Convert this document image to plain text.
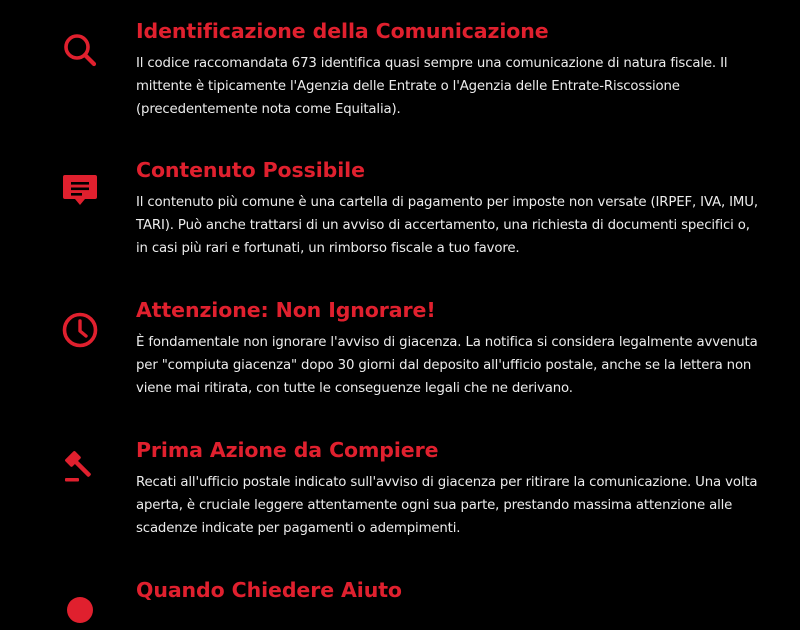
Identificazione della Comunicazione

Il codice raccomandata 673 identifica quasi sempre una comunicazione di natura fiscale. Il mittente è tipicamente l'Agenzia delle Entrate o l'Agenzia delle Entrate-Riscossione (precedentemente nota come Equitalia).

Contenuto Possibile

Il contenuto più comune è una cartella di pagamento per imposte non versate (IRPEF, IVA, IMU, TARI). Può anche trattarsi di un avviso di accertamento, una richiesta di documenti specifici o, in casi più rari e fortunati, un rimborso fiscale a tuo favore.

Attenzione: Non Ignorare!

È fondamentale non ignorare l'avviso di giacenza. La notifica si considera legalmente avvenuta per "compiuta giacenza" dopo 30 giorni dal deposito all'ufficio postale, anche se la lettera non viene mai ritirata, con tutte le conseguenze legali che ne derivano.

Prima Azione da Compiere

Recati all'ufficio postale indicato sull'avviso di giacenza per ritirare la comunicazione. Una volta aperta, è cruciale leggere attentamente ogni sua parte, prestando massima attenzione alle scadenze indicate per pagamenti o adempimenti.

Quando Chiedere Aiuto
